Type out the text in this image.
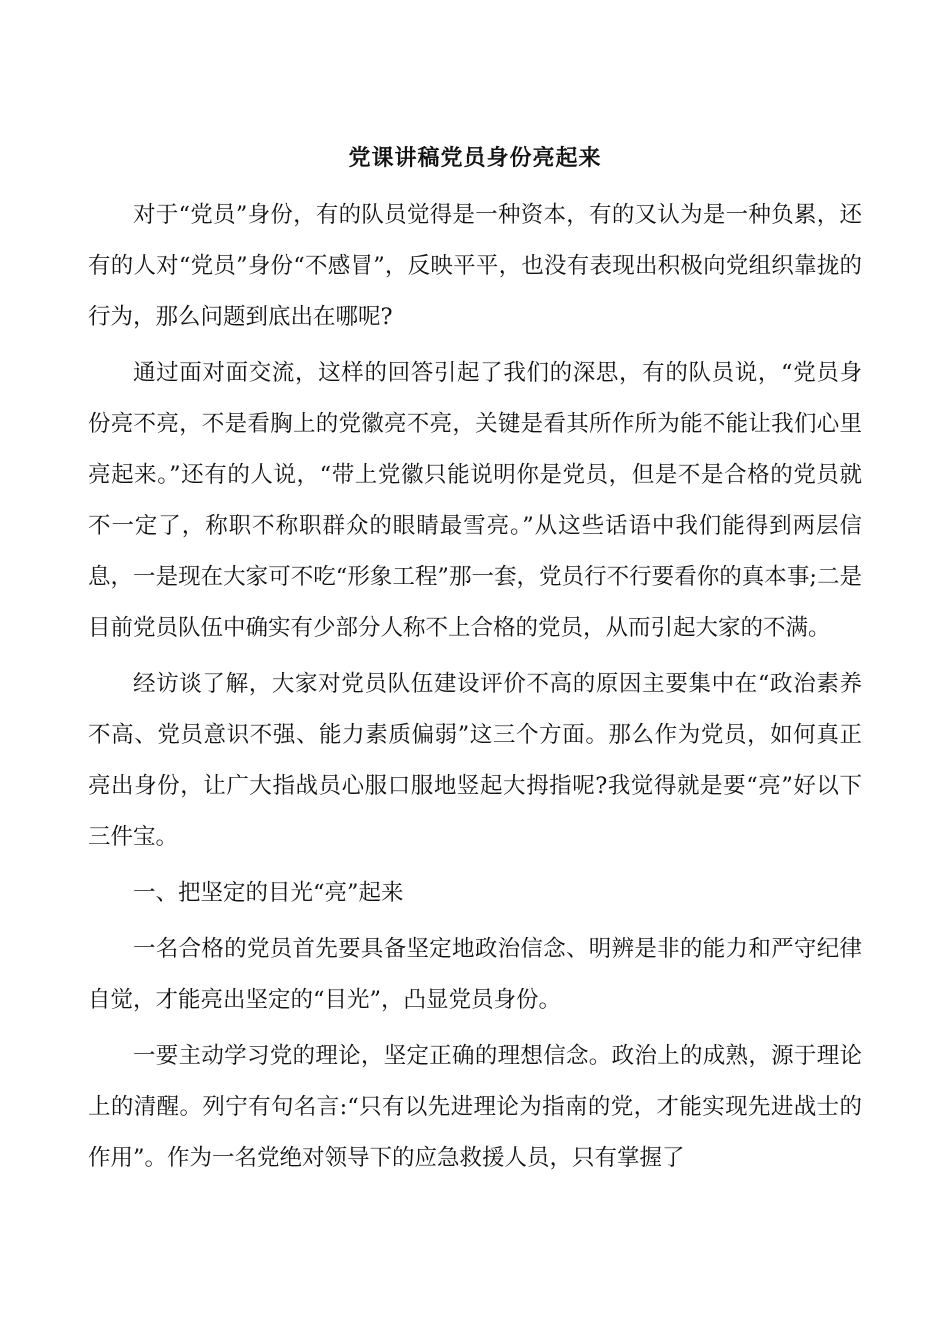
党课讲稿党员身份亮起来

对于“党员”身份，有的队员觉得是一种资本，有的又认为是一种负累，还有的人对“党员”身份“不感冒”，反映平平，也没有表现出积极向党组织靠拢的行为，那么问题到底出在哪呢?

通过面对面交流，这样的回答引起了我们的深思，有的队员说，“党员身份亮不亮，不是看胸上的党徽亮不亮，关键是看其所作所为能不能让我们心里亮起来。”还有的人说，“带上党徽只能说明你是党员，但是不是合格的党员就不一定了，称职不称职群众的眼睛最雪亮。”从这些话语中我们能得到两层信息，一是现在大家可不吃“形象工程”那一套，党员行不行要看你的真本事;二是目前党员队伍中确实有少部分人称不上合格的党员，从而引起大家的不满。

经访谈了解，大家对党员队伍建设评价不高的原因主要集中在“政治素养不高、党员意识不强、能力素质偏弱”这三个方面。那么作为党员，如何真正亮出身份，让广大指战员心服口服地竖起大拇指呢?我觉得就是要“亮”好以下三件宝。

一、把坚定的目光“亮”起来

一名合格的党员首先要具备坚定地政治信念、明辨是非的能力和严守纪律自觉，才能亮出坚定的“目光”，凸显党员身份。

一要主动学习党的理论，坚定正确的理想信念。政治上的成熟，源于理论上的清醒。列宁有句名言:“只有以先进理论为指南的党，才能实现先进战士的作用”。作为一名党绝对领导下的应急救援人员，只有掌握了
